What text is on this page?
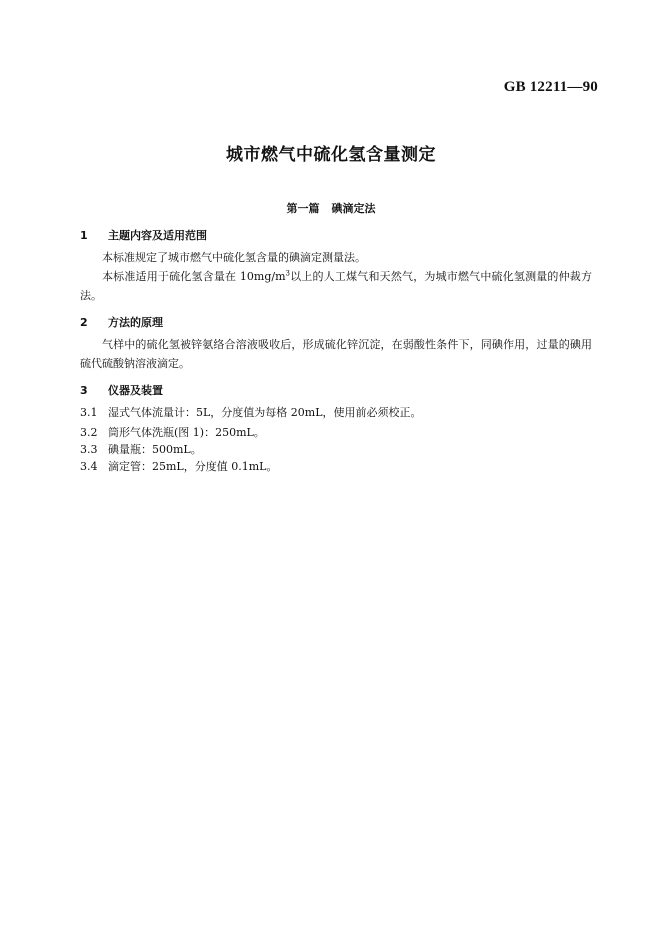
GB 12211—90
城市燃气中硫化氢含量测定
第一篇 碘滴定法
1 主题内容及适用范围

本标准规定了城市燃气中硫化氢含量的碘滴定测量法。

本标准适用于硫化氢含量在 $10mg/m^3$以上的人工煤气和天然气，为城市燃气中硫化氢测量的仲裁方法。

2 方法的原理

气样中的硫化氢被锌氨络合溶液吸收后，形成硫化锌沉淀，在弱酸性条件下，同碘作用，过量的碘用硫代硫酸钠溶液滴定。

3 仪器及装置
3.1 湿式气体流量计：5L，分度值为每格 20mL，使用前必须校正。
3.2 筒形气体洗瓶(图 1)：250mL。
3.3 碘量瓶：500mL。
3.4 滴定管：25mL，分度值 0.1mL。
